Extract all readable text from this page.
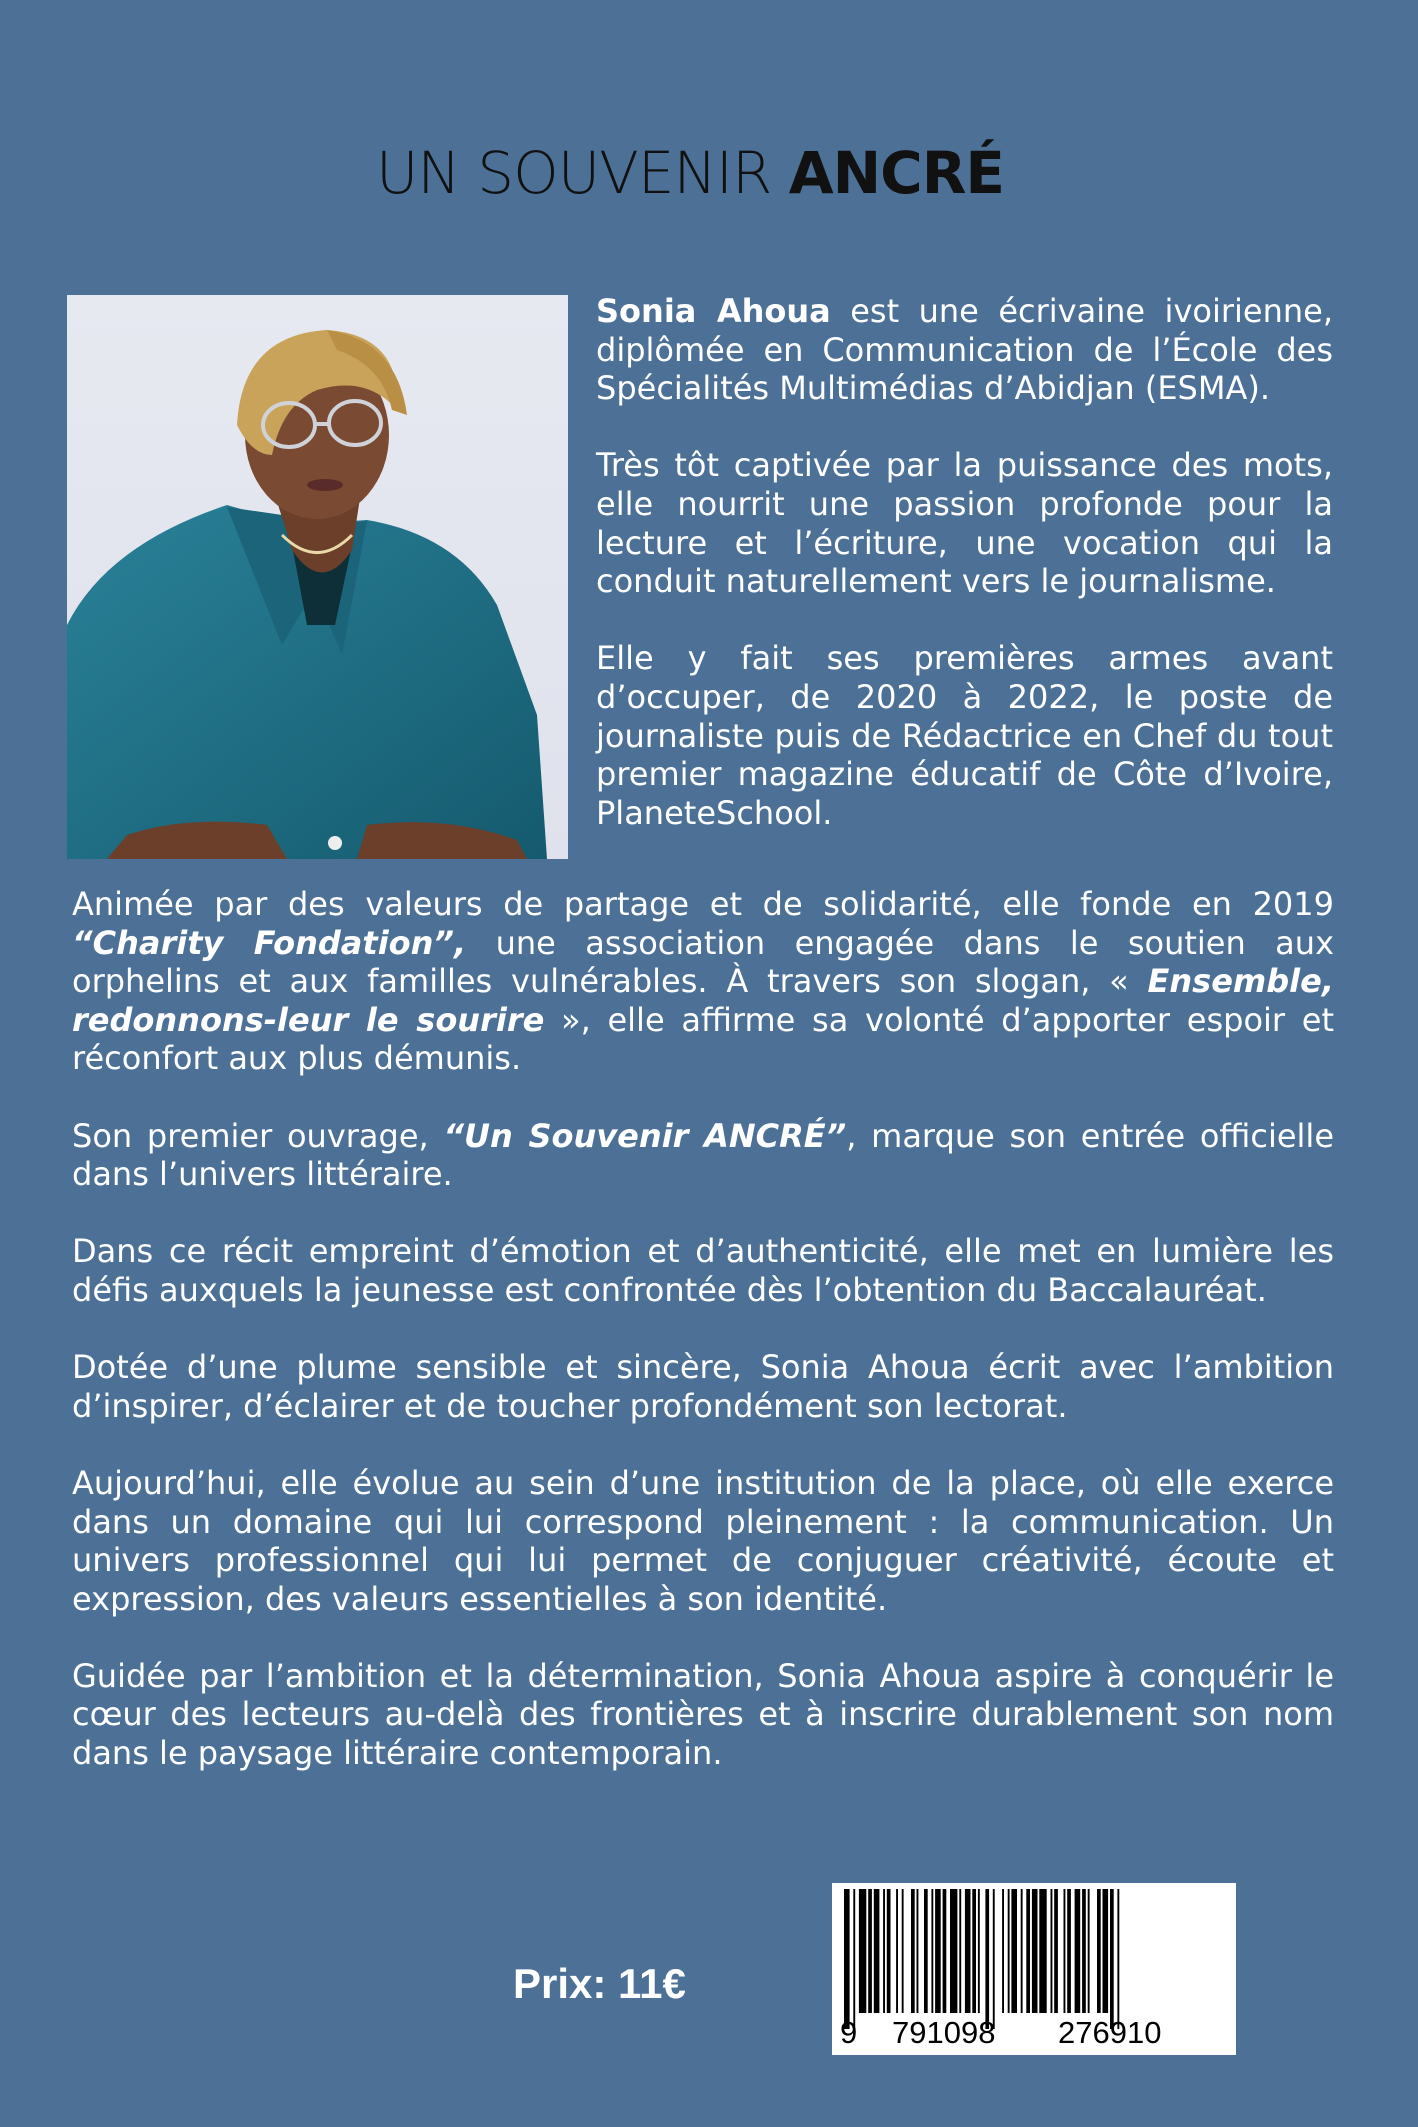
UN SOUVENIR ANCRÉ

Sonia Ahoua est une écrivaine ivoirienne, diplômée en Communication de l’École des Spécialités Multimédias d’Abidjan (ESMA).

Très tôt captivée par la puissance des mots, elle nourrit une passion profonde pour la lecture et l’écriture, une vocation qui la conduit naturellement vers le journalisme.

Elle y fait ses premières armes avant d’occuper, de 2020 à 2022, le poste de journaliste puis de Rédactrice en Chef du tout premier magazine éducatif de Côte d’Ivoire, PlaneteSchool.

Animée par des valeurs de partage et de solidarité, elle fonde en 2019 “Charity Fondation”, une association engagée dans le soutien aux orphelins et aux familles vulnérables. À travers son slogan, « Ensemble, redonnons-leur le sourire », elle affirme sa volonté d’apporter espoir et réconfort aux plus démunis.

Son premier ouvrage, “Un Souvenir ANCRÉ”, marque son entrée officielle dans l’univers littéraire.

Dans ce récit empreint d’émotion et d’authenticité, elle met en lumière les défis auxquels la jeunesse est confrontée dès l’obtention du Baccalauréat.

Dotée d’une plume sensible et sincère, Sonia Ahoua écrit avec l’ambition d’inspirer, d’éclairer et de toucher profondément son lectorat.

Aujourd’hui, elle évolue au sein d’une institution de la place, où elle exerce dans un domaine qui lui correspond pleinement : la communication. Un univers professionnel qui lui permet de conjuguer créativité, écoute et expression, des valeurs essentielles à son identité.

Guidée par l’ambition et la détermination, Sonia Ahoua aspire à conquérir le cœur des lecteurs au-delà des frontières et à inscrire durablement son nom dans le paysage littéraire contemporain.

Prix: 11€
9 791098 276910
